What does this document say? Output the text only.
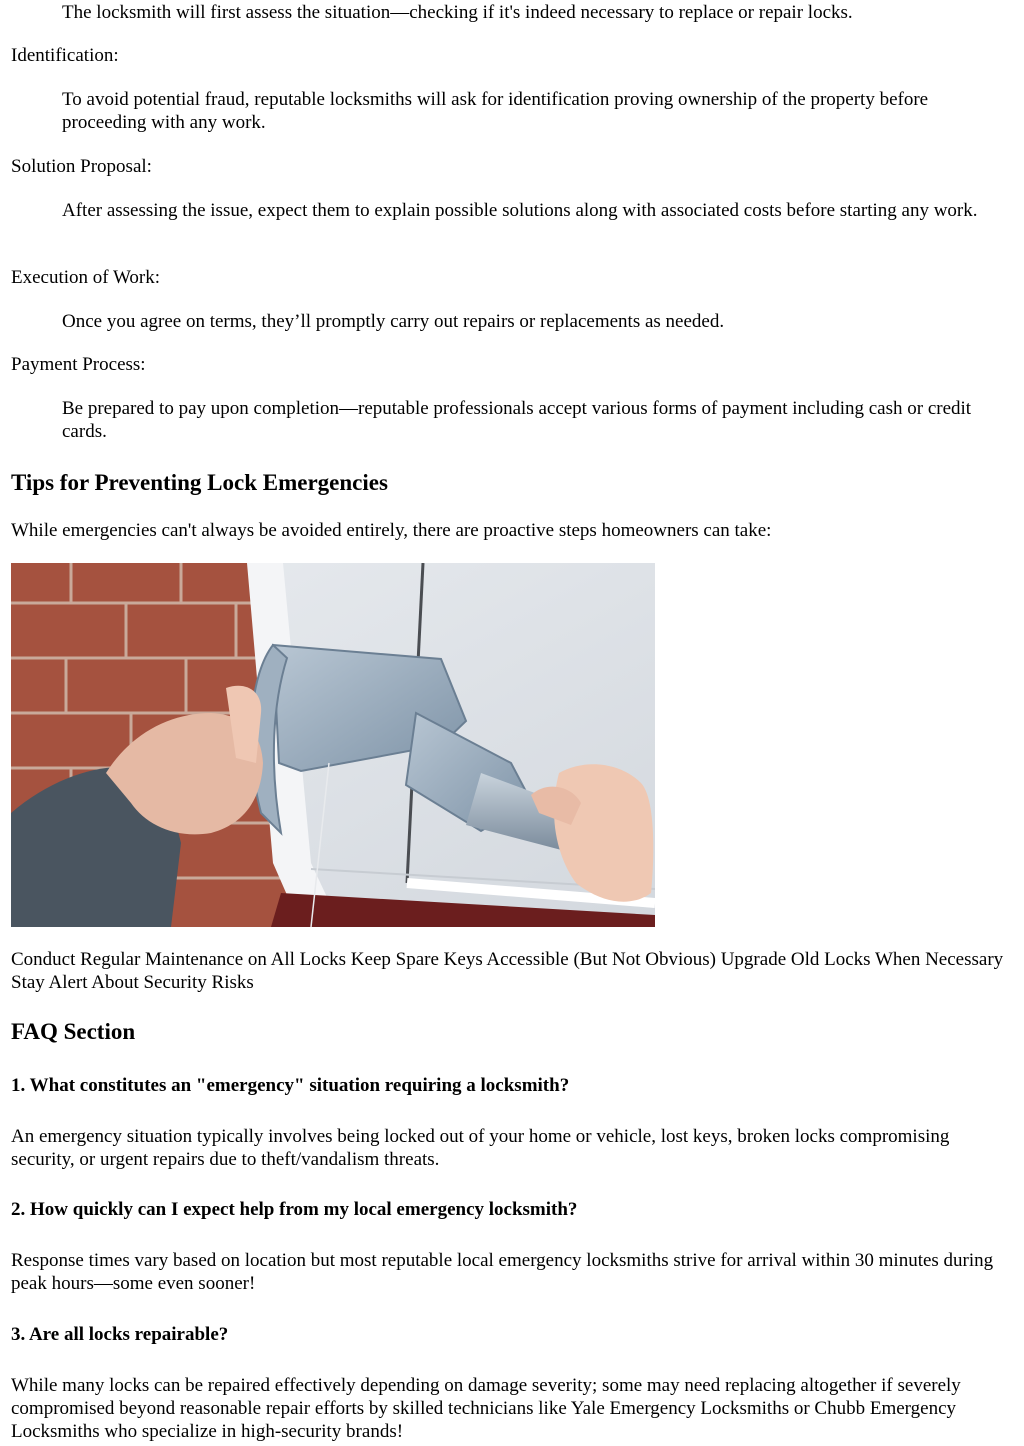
The locksmith will first assess the situation—checking if it's indeed necessary to replace or repair locks.
Identification:
To avoid potential fraud, reputable locksmiths will ask for identification proving ownership of the property before proceeding with any work.
Solution Proposal:
After assessing the issue, expect them to explain possible solutions along with associated costs before starting any work.
Execution of Work:
Once you agree on terms, they’ll promptly carry out repairs or replacements as needed.
Payment Process:
Be prepared to pay upon completion—reputable professionals accept various forms of payment including cash or credit cards.
Tips for Preventing Lock Emergencies

While emergencies can't always be avoided entirely, there are proactive steps homeowners can take:

Conduct Regular Maintenance on All Locks Keep Spare Keys Accessible (But Not Obvious) Upgrade Old Locks When Necessary Stay Alert About Security Risks

FAQ Section
1. What constitutes an "emergency" situation requiring a locksmith?

An emergency situation typically involves being locked out of your home or vehicle, lost keys, broken locks compromising security, or urgent repairs due to theft/vandalism threats.

2. How quickly can I expect help from my local emergency locksmith?

Response times vary based on location but most reputable local emergency locksmiths strive for arrival within 30 minutes during peak hours—some even sooner!

3. Are all locks repairable?

While many locks can be repaired effectively depending on damage severity; some may need replacing altogether if severely compromised beyond reasonable repair efforts by skilled technicians like Yale Emergency Locksmiths or Chubb Emergency Locksmiths who specialize in high-security brands!
